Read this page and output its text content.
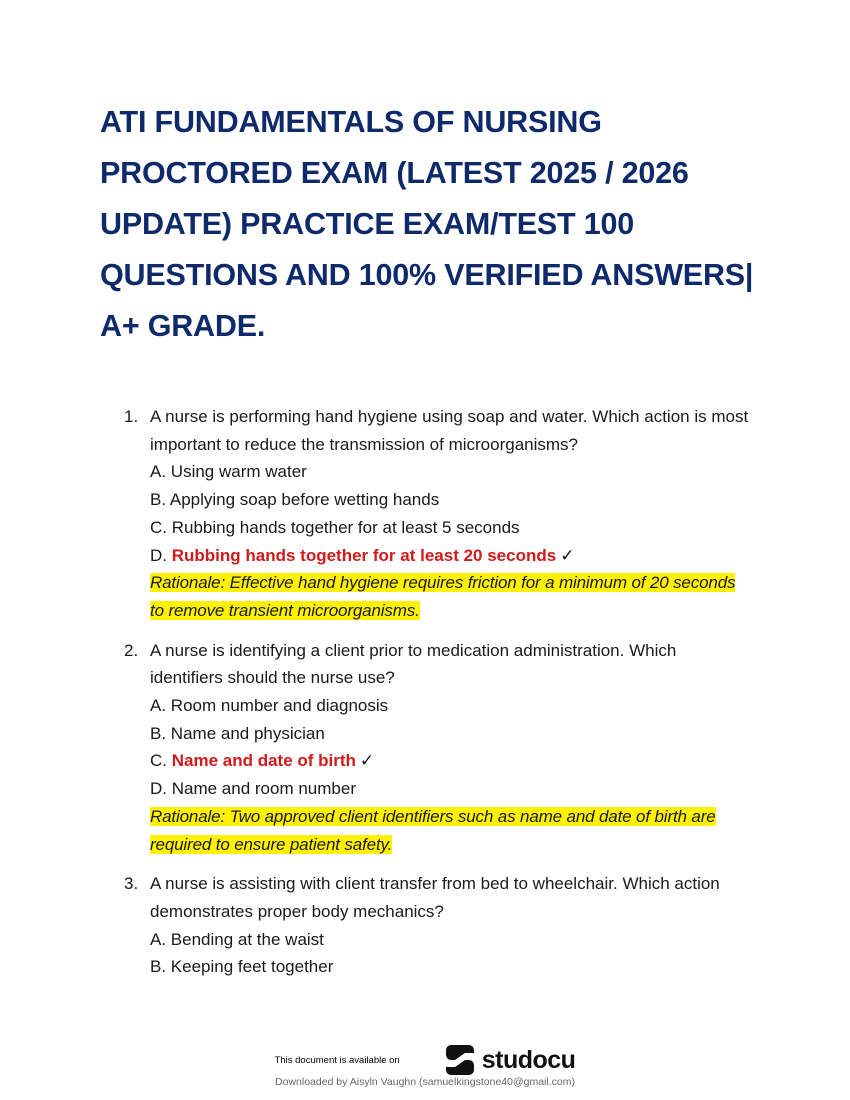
ATI FUNDAMENTALS OF NURSING PROCTORED EXAM (LATEST 2025 / 2026 UPDATE) PRACTICE EXAM/TEST 100 QUESTIONS AND 100% VERIFIED ANSWERS| A+ GRADE.
1. A nurse is performing hand hygiene using soap and water. Which action is most important to reduce the transmission of microorganisms?
A. Using warm water
B. Applying soap before wetting hands
C. Rubbing hands together for at least 5 seconds
D. Rubbing hands together for at least 20 seconds ✓
Rationale: Effective hand hygiene requires friction for a minimum of 20 seconds to remove transient microorganisms.
2. A nurse is identifying a client prior to medication administration. Which identifiers should the nurse use?
A. Room number and diagnosis
B. Name and physician
C. Name and date of birth ✓
D. Name and room number
Rationale: Two approved client identifiers such as name and date of birth are required to ensure patient safety.
3. A nurse is assisting with client transfer from bed to wheelchair. Which action demonstrates proper body mechanics?
A. Bending at the waist
B. Keeping feet together
This document is available on	studocu
Downloaded by Aisyln Vaughn (samuelkingstone40@gmail.com)
